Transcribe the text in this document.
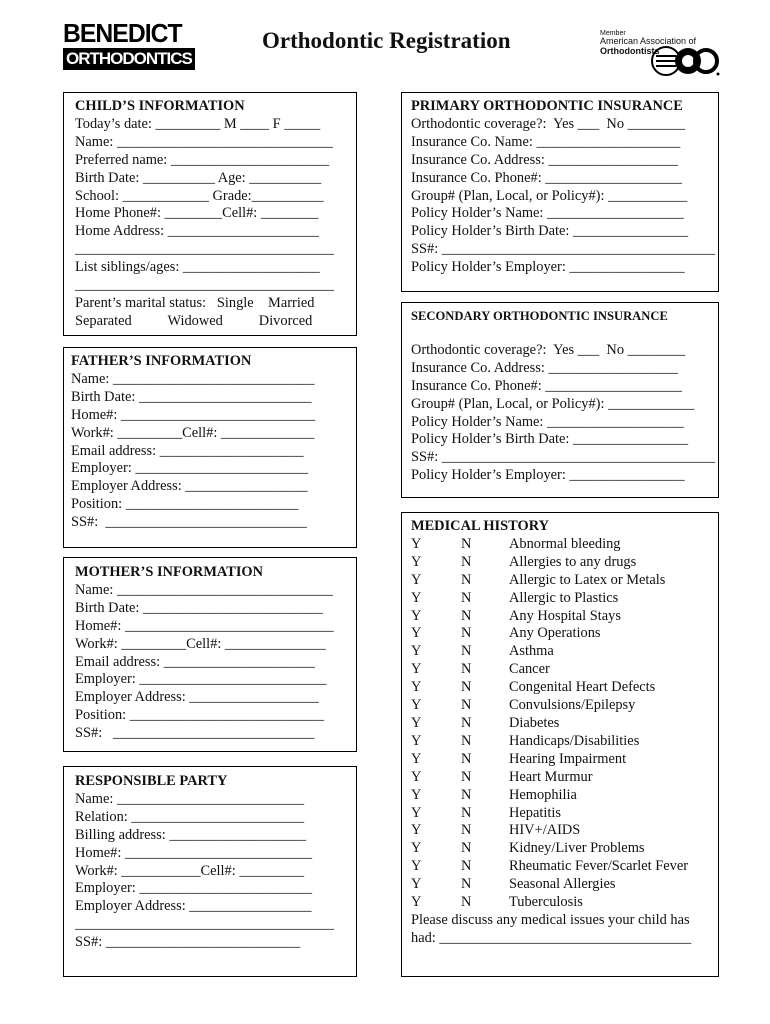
BENEDICT
ORTHODONTICS
Orthodontic Registration	Member
American Association of
Orthodontists
CHILD’S INFORMATION
Today’s date: _________ M ____ F _____
Name: ______________________________
Preferred name: ______________________
Birth Date: __________ Age: __________
School: ____________ Grade:__________
Home Phone#: ________Cell#: ________
Home Address: _____________________
____________________________________
List siblings/ages: ___________________
____________________________________
Parent’s marital status:   Single    Married
Separated          Widowed          Divorced
FATHER’S INFORMATION
Name: ____________________________
Birth Date: ________________________
Home#: ___________________________
Work#: _________Cell#: _____________
Email address: ____________________
Employer: ________________________
Employer Address: _________________
Position: ________________________
SS#:  ____________________________
MOTHER’S INFORMATION
Name: ______________________________
Birth Date: _________________________
Home#: _____________________________
Work#: _________Cell#: ______________
Email address: _____________________
Employer: __________________________
Employer Address: __________________
Position: ___________________________
SS#:   ____________________________
RESPONSIBLE PARTY
Name: __________________________
Relation: ________________________
Billing address: ___________________
Home#: __________________________
Work#: ___________Cell#: _________
Employer: ________________________
Employer Address: _________________
____________________________________
SS#: ___________________________
PRIMARY ORTHODONTIC INSURANCE
Orthodontic coverage?:  Yes ___  No ________
Insurance Co. Name: ____________________
Insurance Co. Address: __________________
Insurance Co. Phone#: ___________________
Group# (Plan, Local, or Policy#): ___________
Policy Holder’s Name: ___________________
Policy Holder’s Birth Date: ________________
SS#: ______________________________________
Policy Holder’s Employer: ________________
SECONDARY ORTHODONTIC INSURANCE
Orthodontic coverage?:  Yes ___  No ________
Insurance Co. Address: __________________
Insurance Co. Phone#: ___________________
Group# (Plan, Local, or Policy#): ____________
Policy Holder’s Name: ___________________
Policy Holder’s Birth Date: ________________
SS#: ______________________________________
Policy Holder’s Employer: ________________
MEDICAL HISTORY
Y	N	Abnormal bleeding
Y	N	Allergies to any drugs
Y	N	Allergic to Latex or Metals
Y	N	Allergic to Plastics
Y	N	Any Hospital Stays
Y	N	Any Operations
Y	N	Asthma
Y	N	Cancer
Y	N	Congenital Heart Defects
Y	N	Convulsions/Epilepsy
Y	N	Diabetes
Y	N	Handicaps/Disabilities
Y	N	Hearing Impairment
Y	N	Heart Murmur
Y	N	Hemophilia
Y	N	Hepatitis
Y	N	HIV+/AIDS
Y	N	Kidney/Liver Problems
Y	N	Rheumatic Fever/Scarlet Fever
Y	N	Seasonal Allergies
Y	N	Tuberculosis
Please discuss any medical issues your child has
had: ___________________________________
